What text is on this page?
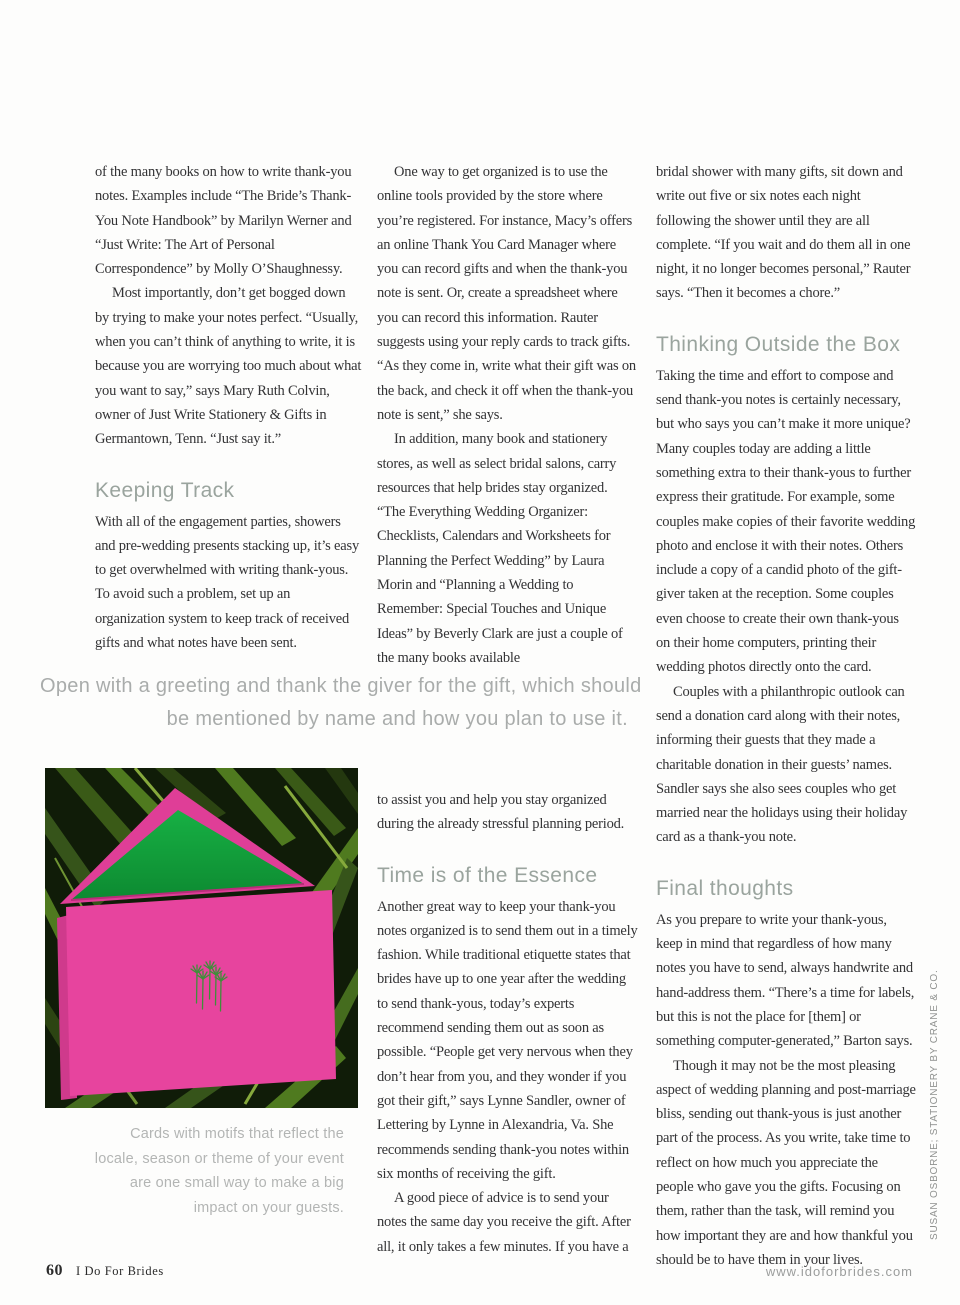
of the many books on how to write thank-you notes. Examples include “The Bride’s Thank-You Note Handbook” by Marilyn Werner and “Just Write: The Art of Personal Correspondence” by Molly O’Shaughnessy.

Most importantly, don’t get bogged down by trying to make your notes perfect. “Usually, when you can’t think of anything to write, it is because you are worrying too much about what you want to say,” says Mary Ruth Colvin, owner of Just Write Stationery & Gifts in Germantown, Tenn. “Just say it.”

Keeping Track

With all of the engagement parties, showers and pre-wedding presents stacking up, it’s easy to get overwhelmed with writing thank-yous. To avoid such a problem, set up an organization system to keep track of received gifts and what notes have been sent.

One way to get organized is to use the online tools provided by the store where you’re registered. For instance, Macy’s offers an online Thank You Card Manager where you can record gifts and when the thank-you note is sent. Or, create a spreadsheet where you can record this information. Rauter suggests using your reply cards to track gifts. “As they come in, write what their gift was on the back, and check it off when the thank-you note is sent,” she says.

In addition, many book and stationery stores, as well as select bridal salons, carry resources that help brides stay organized. “The Everything Wedding Organizer: Checklists, Calendars and Worksheets for Planning the Perfect Wedding” by Laura Morin and “Planning a Wedding to Remember: Special Touches and Unique Ideas” by Beverly Clark are just a couple of the many books available

bridal shower with many gifts, sit down and write out five or six notes each night following the shower until they are all complete. “If you wait and do them all in one night, it no longer becomes personal,” Rauter says. “Then it becomes a chore.”

Thinking Outside the Box

Taking the time and effort to compose and send thank-you notes is certainly necessary, but who says you can’t make it more unique? Many couples today are adding a little something extra to their thank-yous to further express their gratitude. For example, some couples make copies of their favorite wedding photo and enclose it with their notes. Others include a copy of a candid photo of the gift-giver taken at the reception. Some couples even choose to create their own thank-yous on their home computers, printing their wedding photos directly onto the card.

Couples with a philanthropic outlook can send a donation card along with their notes, informing their guests that they made a charitable donation in their guests’ names. Sandler says she also sees couples who get married near the holidays using their holiday card as a thank-you note.

Final thoughts

As you prepare to write your thank-yous, keep in mind that regardless of how many notes you have to send, always handwrite and hand-address them. “There’s a time for labels, but this is not the place for [them] or something computer-generated,” Barton says.

Though it may not be the most pleasing aspect of wedding planning and post-marriage bliss, sending out thank-yous is just another part of the process. As you write, take time to reflect on how much you appreciate the people who gave you the gifts. Focusing on them, rather than the task, will remind you how important they are and how thankful you should be to have them in your lives.

Open with a greeting and thank the giver for the gift, which should
be mentioned by name and how you plan to use it.
Cards with motifs that reflect the locale, season or theme of your event are one small way to make a big impact on your guests.

to assist you and help you stay organized during the already stressful planning period.

Time is of the Essence

Another great way to keep your thank-you notes organized is to send them out in a timely fashion. While traditional etiquette states that brides have up to one year after the wedding to send thank-yous, today’s experts recommend sending them out as soon as possible. “People get very nervous when they don’t hear from you, and they wonder if you got their gift,” says Lynne Sandler, owner of Lettering by Lynne in Alexandria, Va. She recommends sending thank-you notes within six months of receiving the gift.

A good piece of advice is to send your notes the same day you receive the gift. After all, it only takes a few minutes. If you have a

60 I Do For Brides	www.idoforbrides.com
SUSAN OSBORNE; STATIONERY BY CRANE & CO.
